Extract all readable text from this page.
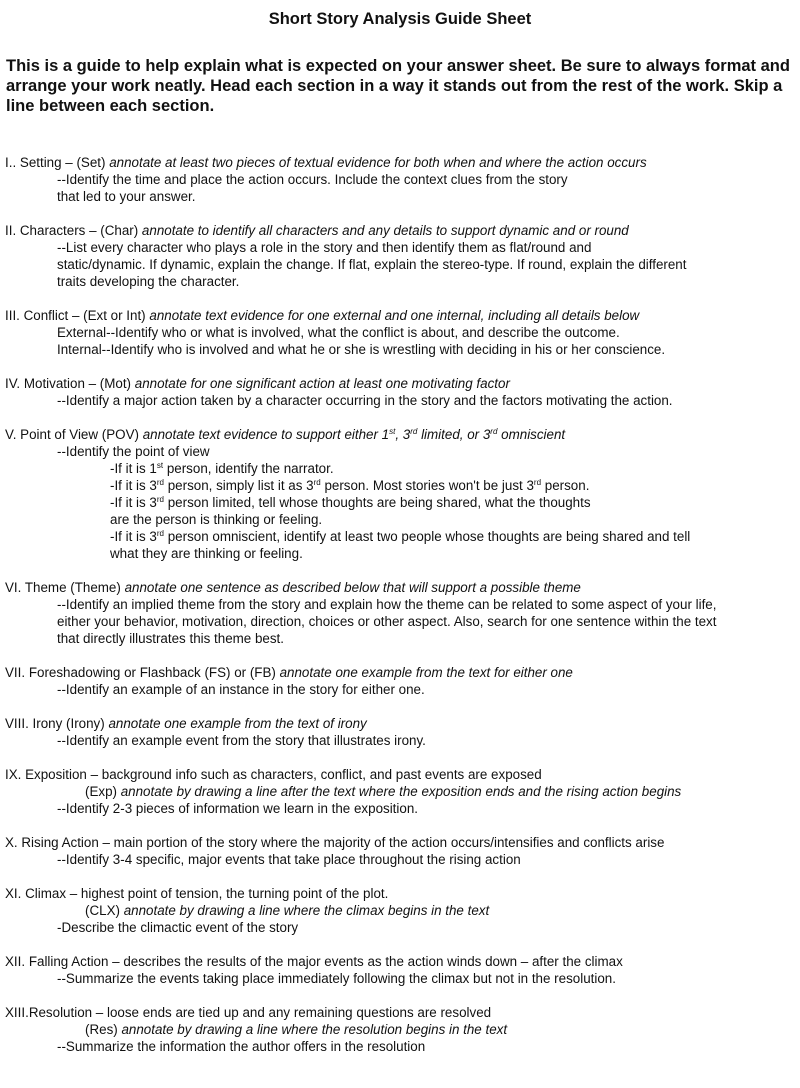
Short Story Analysis Guide Sheet
This is a guide to help explain what is expected on your answer sheet. Be sure to always format and arrange your work neatly. Head each section in a way it stands out from the rest of the work. Skip a line between each section.
I.. Setting – (Set) annotate at least two pieces of textual evidence for both when and where the action occurs
--Identify the time and place the action occurs. Include the context clues from the story
that led to your answer.
II. Characters – (Char) annotate to identify all characters and any details to support dynamic and or round
--List every character who plays a role in the story and then identify them as flat/round and
static/dynamic. If dynamic, explain the change. If flat, explain the stereo-type. If round, explain the different
traits developing the character.
III. Conflict – (Ext or Int) annotate text evidence for one external and one internal, including all details below
External--Identify who or what is involved, what the conflict is about, and describe the outcome.
Internal--Identify who is involved and what he or she is wrestling with deciding in his or her conscience.
IV. Motivation – (Mot) annotate for one significant action at least one motivating factor
--Identify a major action taken by a character occurring in the story and the factors motivating the action.
V. Point of View (POV) annotate text evidence to support either 1st, 3rd limited, or 3rd omniscient
--Identify the point of view
-If it is 1st person, identify the narrator.
-If it is 3rd person, simply list it as 3rd person. Most stories won't be just 3rd person.
-If it is 3rd person limited, tell whose thoughts are being shared, what the thoughts
are the person is thinking or feeling.
-If it is 3rd person omniscient, identify at least two people whose thoughts are being shared and tell
what they are thinking or feeling.
VI. Theme (Theme) annotate one sentence as described below that will support a possible theme
--Identify an implied theme from the story and explain how the theme can be related to some aspect of your life,
either your behavior, motivation, direction, choices or other aspect. Also, search for one sentence within the text
that directly illustrates this theme best.
VII. Foreshadowing or Flashback (FS) or (FB) annotate one example from the text for either one
--Identify an example of an instance in the story for either one.
VIII. Irony (Irony) annotate one example from the text of irony
--Identify an example event from the story that illustrates irony.
IX. Exposition – background info such as characters, conflict, and past events are exposed
(Exp) annotate by drawing a line after the text where the exposition ends and the rising action begins
--Identify 2-3 pieces of information we learn in the exposition.
X. Rising Action – main portion of the story where the majority of the action occurs/intensifies and conflicts arise
--Identify 3-4 specific, major events that take place throughout the rising action
XI. Climax – highest point of tension, the turning point of the plot.
(CLX) annotate by drawing a line where the climax begins in the text
-Describe the climactic event of the story
XII. Falling Action – describes the results of the major events as the action winds down – after the climax
--Summarize the events taking place immediately following the climax but not in the resolution.
XIII.Resolution – loose ends are tied up and any remaining questions are resolved
(Res) annotate by drawing a line where the resolution begins in the text
--Summarize the information the author offers in the resolution
